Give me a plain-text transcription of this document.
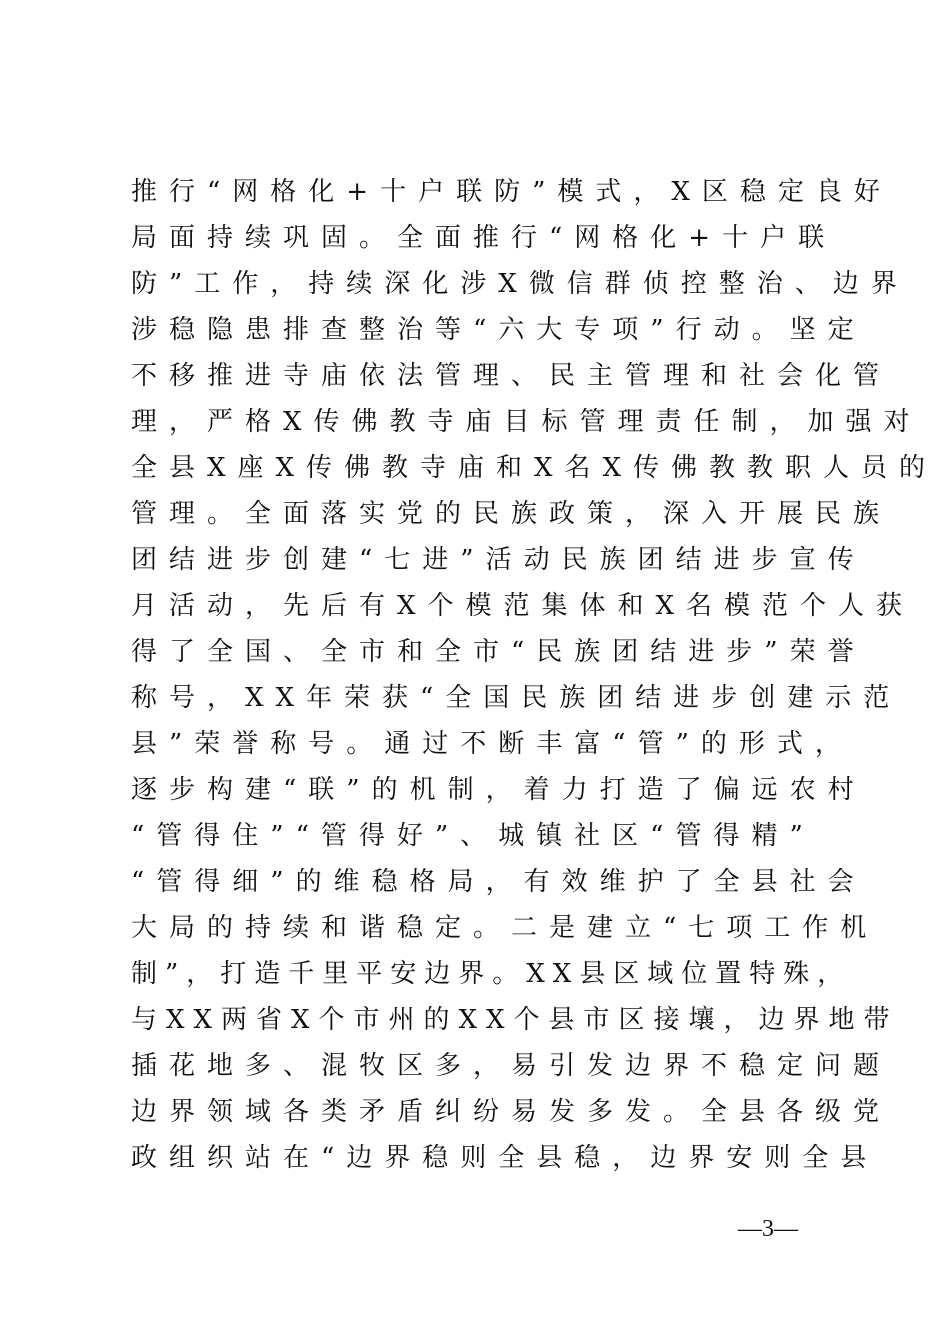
推行“网格化+十户联防”模式，X区稳定良好
局面持续巩固。全面推行“网格化+十户联
防”工作，持续深化涉X微信群侦控整治、边界
涉稳隐患排查整治等“六大专项”行动。坚定
不移推进寺庙依法管理、民主管理和社会化管
理，严格X传佛教寺庙目标管理责任制，加强对
全县X座X传佛教寺庙和X名X传佛教教职人员的
管理。全面落实党的民族政策，深入开展民族
团结进步创建“七进”活动民族团结进步宣传
月活动，先后有X个模范集体和X名模范个人获
得了全国、全市和全市“民族团结进步”荣誉
称号，XX年荣获“全国民族团结进步创建示范
县”荣誉称号。通过不断丰富“管”的形式，
逐步构建“联”的机制，着力打造了偏远农村
“管得住”“管得好”、城镇社区“管得精”
“管得细”的维稳格局，有效维护了全县社会
大局的持续和谐稳定。二是建立“七项工作机
制”，打造千里平安边界。XX县区域位置特殊，
与XX两省X个市州的XX个县市区接壤，边界地带
插花地多、混牧区多，易引发边界不稳定问题
边界领域各类矛盾纠纷易发多发。全县各级党
政组织站在“边界稳则全县稳，边界安则全县
—3—
